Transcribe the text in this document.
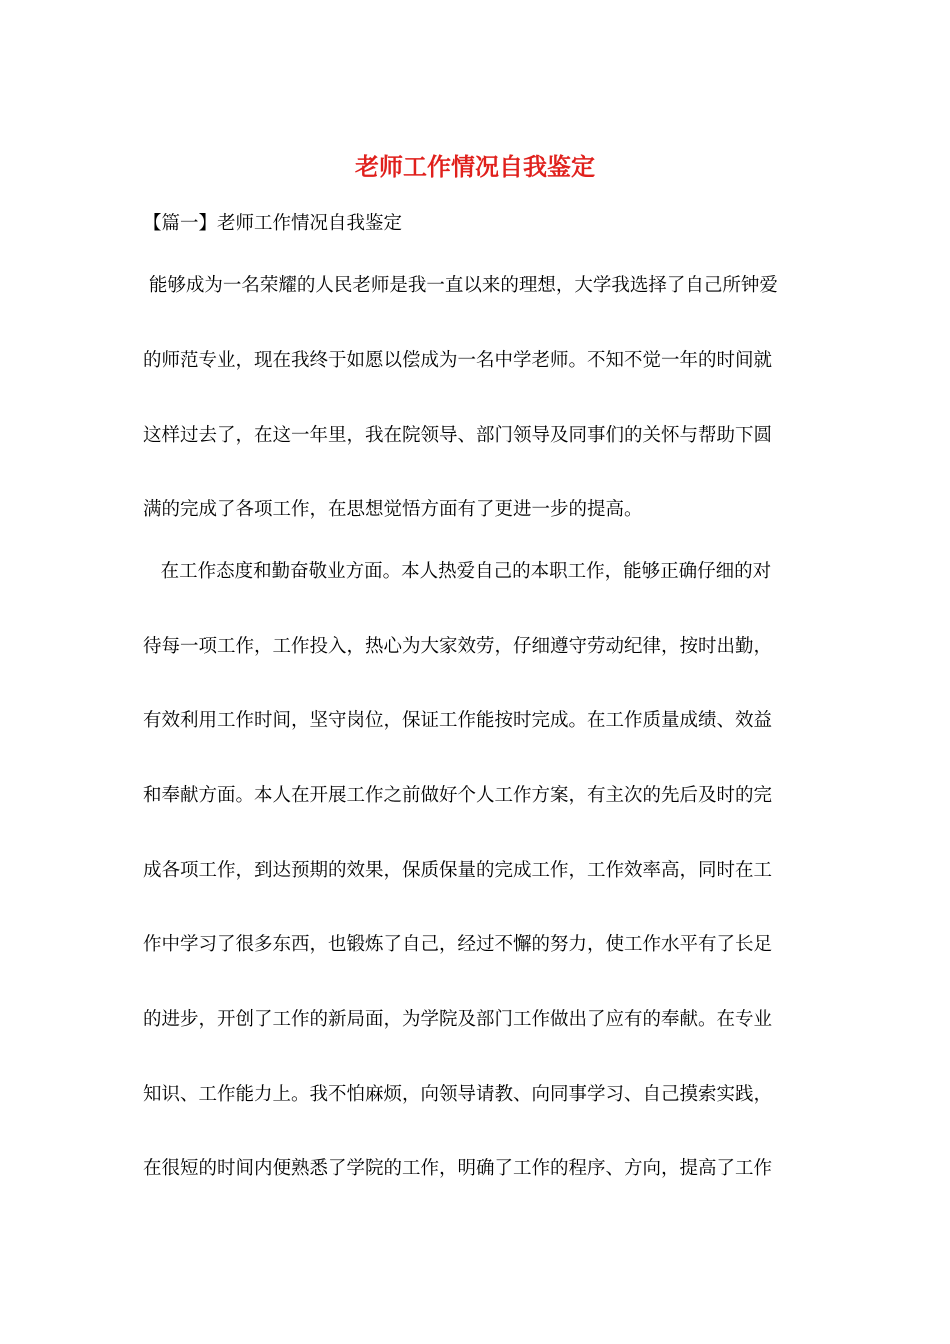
老师工作情况自我鉴定

【篇一】老师工作情况自我鉴定

能够成为一名荣耀的人民老师是我一直以来的理想，大学我选择了自己所钟爱

的师范专业，现在我终于如愿以偿成为一名中学老师。不知不觉一年的时间就

这样过去了，在这一年里，我在院领导、部门领导及同事们的关怀与帮助下圆

满的完成了各项工作，在思想觉悟方面有了更进一步的提高。

在工作态度和勤奋敬业方面。本人热爱自己的本职工作，能够正确仔细的对

待每一项工作，工作投入，热心为大家效劳，仔细遵守劳动纪律，按时出勤，

有效利用工作时间，坚守岗位，保证工作能按时完成。在工作质量成绩、效益

和奉献方面。本人在开展工作之前做好个人工作方案，有主次的先后及时的完

成各项工作，到达预期的效果，保质保量的完成工作，工作效率高，同时在工

作中学习了很多东西，也锻炼了自己，经过不懈的努力，使工作水平有了长足

的进步，开创了工作的新局面，为学院及部门工作做出了应有的奉献。在专业

知识、工作能力上。我不怕麻烦，向领导请教、向同事学习、自己摸索实践，

在很短的时间内便熟悉了学院的工作，明确了工作的程序、方向，提高了工作
